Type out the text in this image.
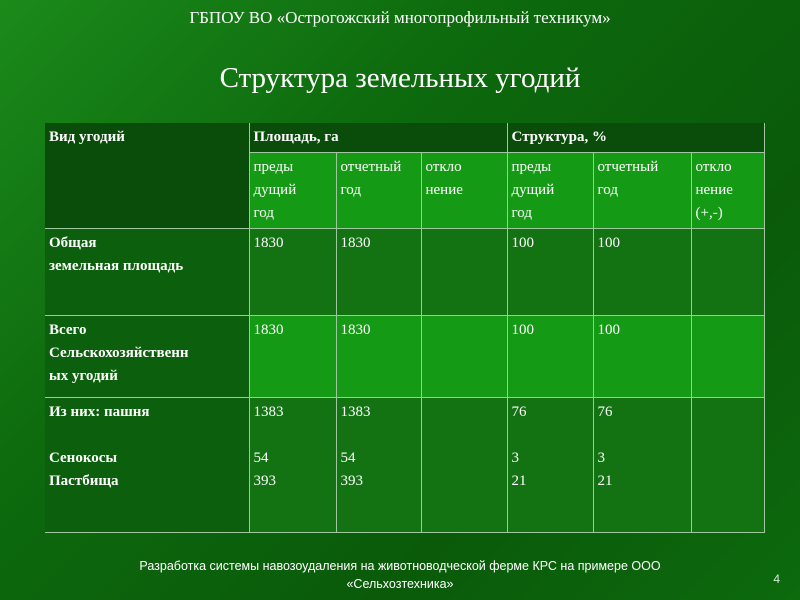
ГБПОУ ВО «Острогожский многопрофильный техникум»
Структура земельных угодий
Вид угодий	Площадь, га			Структура, %		

	преды
дущий
год	отчетный
год	откло
нение	преды
дущий
год	отчетный
год	откло
нение
(+,-)

Общая
земельная площадь	1830	1830		100	100	

Всего
Сельскохозяйственн
ых угодий	1830	1830		100	100	

Из них: пашня
Сенокосы
Пастбища	1383
54
393	1383
54
393		76
3
21	76
3
21	

Разработка системы навозоудаления на животноводческой ферме КРС на примере ООО
«Сельхозтехника»	4
